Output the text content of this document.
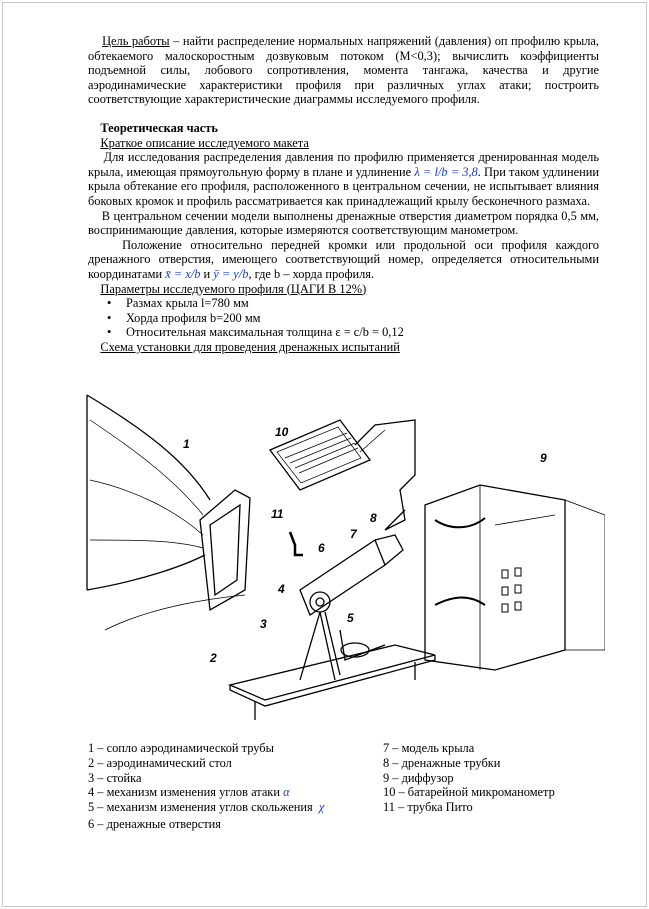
Цель работы – найти распределение нормальных напряжений (давления) оп профилю крыла, обтекаемого малоскоростным дозвуковым потоком (М<0,3); вычислить коэффициенты подъемной силы, лобового сопротивления, момента тангажа, качества и другие аэродинамические характеристики профиля при различных углах атаки; построить соответствующие характеристические диаграммы исследуемого профиля.

Теоретическая часть

Краткое описание исследуемого макета

Для исследования распределения давления по профилю применяется дренированная модель крыла, имеющая прямоугольную форму в плане и удлинение λ = l/b = 3,8. При таком удлинении крыла обтекание его профиля, расположенного в центральном сечении, не испытывает влияния боковых кромок и профиль рассматривается как принадлежащий крылу бесконечного размаха.

В центральном сечении модели выполнены дренажные отверстия диаметром порядка 0,5 мм, воспринимающие давления, которые измеряются соответствующим манометром.

Положение относительно передней кромки или продольной оси профиля каждого дренажного отверстия, имеющего соответствующий номер, определяется относительными координатами x̄ = x/b и ȳ = y/b, где b – хорда профиля.

Параметры исследуемого профиля (ЦАГИ В 12%)

• Размах крыла l=780 мм
• Хорда профиля b=200 мм
• Относительная максимальная толщина ε = c/b = 0,12

Схема установки для проведения дренажных испытаний

1
2
3
4
5
6
7
8
9
10
11
1 – сопло аэродинамической трубы
2 – аэродинамический стол
3 – стойка
4 – механизм изменения углов атаки α
5 – механизм изменения углов скольжения χ
6 – дренажные отверстия
7 – модель крыла
8 – дренажные трубки
9 – диффузор
10 – батарейной микроманометр
11 – трубка Пито
